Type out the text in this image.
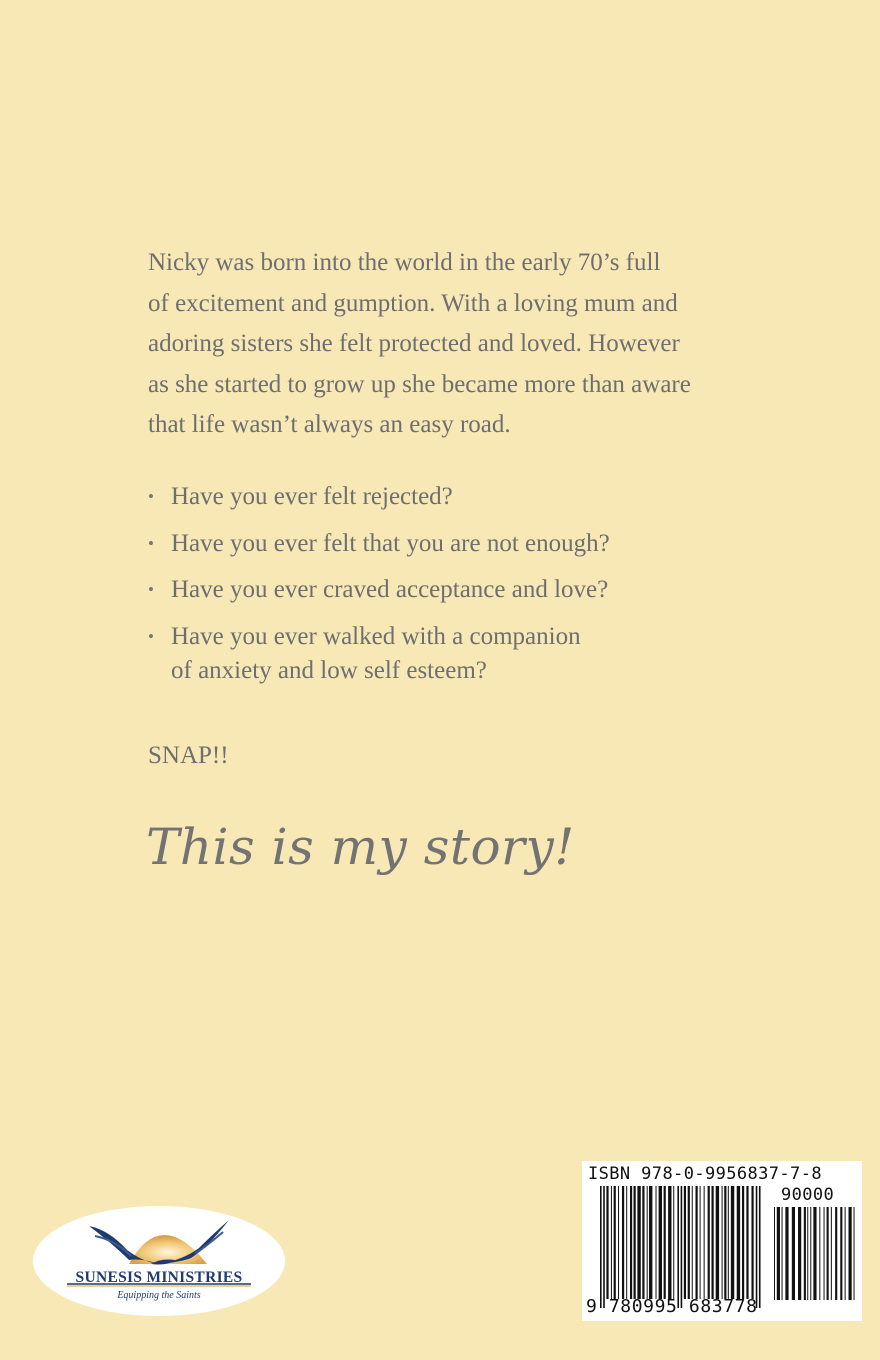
Nicky was born into the world in the early 70’s full
of excitement and gumption. With a loving mum and
adoring sisters she felt protected and loved. However
as she started to grow up she became more than aware
that life wasn’t always an easy road.

• Have you ever felt rejected?
• Have you ever felt that you are not enough?
• Have you ever craved acceptance and love?
• Have you ever walked with a companion
of anxiety and low self esteem?

SNAP!!

This is my story!

SUNESIS MINISTRIES
Equipping the Saints
ISBN 978-0-9956837-7-8
90000
9 780995 683778
